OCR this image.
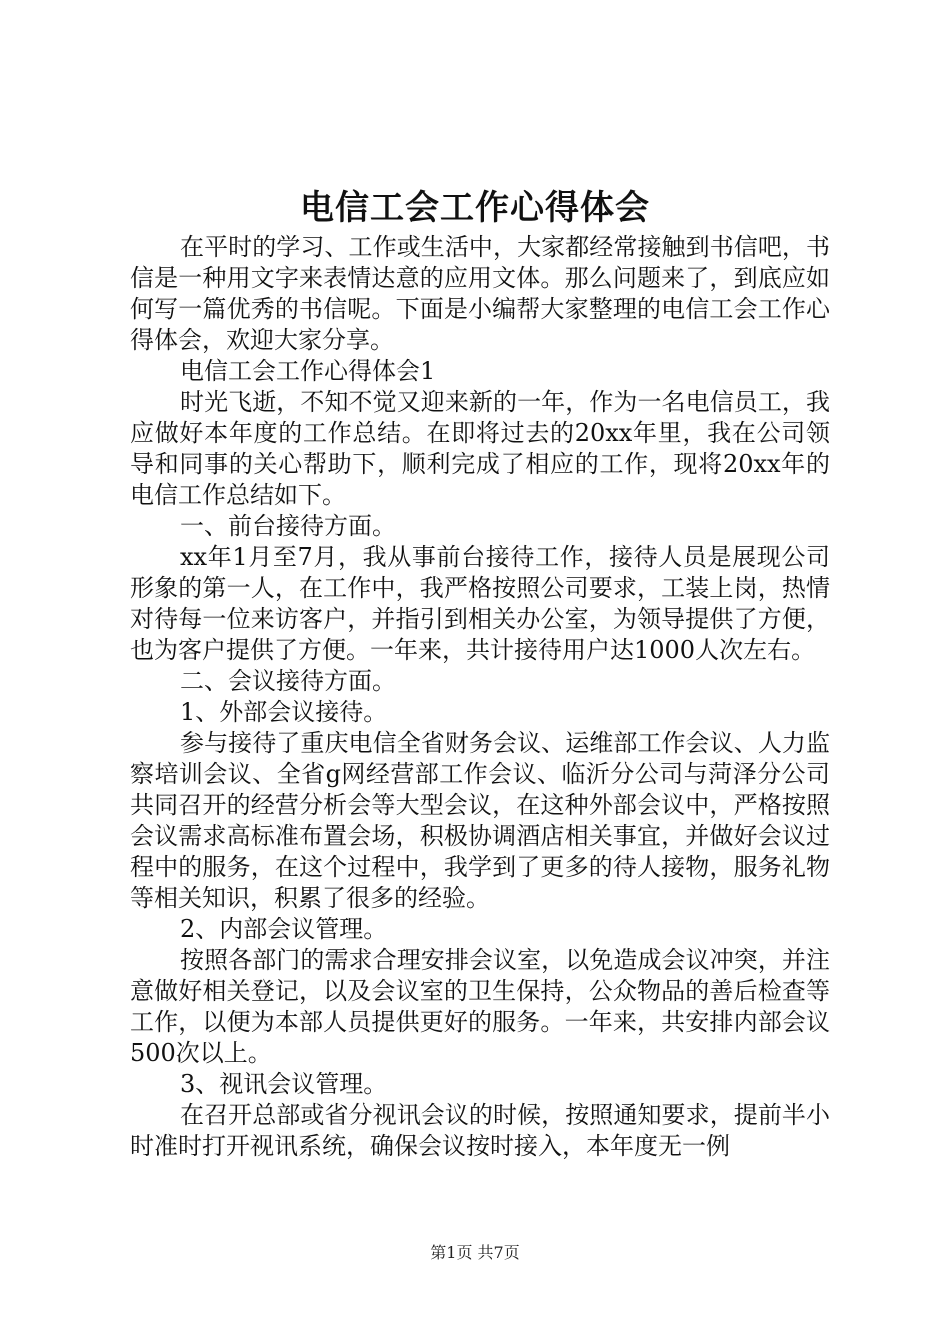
电信工会工作心得体会

在平时的学习、工作或生活中，大家都经常接触到书信吧，书信是一种用文字来表情达意的应用文体。那么问题来了，到底应如何写一篇优秀的书信呢。下面是小编帮大家整理的电信工会工作心得体会，欢迎大家分享。

电信工会工作心得体会1

时光飞逝，不知不觉又迎来新的一年，作为一名电信员工，我应做好本年度的工作总结。在即将过去的20xx年里，我在公司领导和同事的关心帮助下，顺利完成了相应的工作，现将20xx年的电信工作总结如下。

一、前台接待方面。

xx年1月至7月，我从事前台接待工作，接待人员是展现公司形象的第一人，在工作中，我严格按照公司要求，工装上岗，热情对待每一位来访客户，并指引到相关办公室，为领导提供了方便，也为客户提供了方便。一年来，共计接待用户达1000人次左右。

二、会议接待方面。

1、外部会议接待。

参与接待了重庆电信全省财务会议、运维部工作会议、人力监察培训会议、全省g网经营部工作会议、临沂分公司与菏泽分公司共同召开的经营分析会等大型会议，在这种外部会议中，严格按照会议需求高标准布置会场，积极协调酒店相关事宜，并做好会议过程中的服务，在这个过程中，我学到了更多的待人接物，服务礼物等相关知识，积累了很多的经验。

2、内部会议管理。

按照各部门的需求合理安排会议室，以免造成会议冲突，并注意做好相关登记，以及会议室的卫生保持，公众物品的善后检查等工作，以便为本部人员提供更好的服务。一年来，共安排内部会议500次以上。

3、视讯会议管理。

在召开总部或省分视讯会议的时候，按照通知要求，提前半小时准时打开视讯系统，确保会议按时接入，本年度无一例

第1页 共7页
